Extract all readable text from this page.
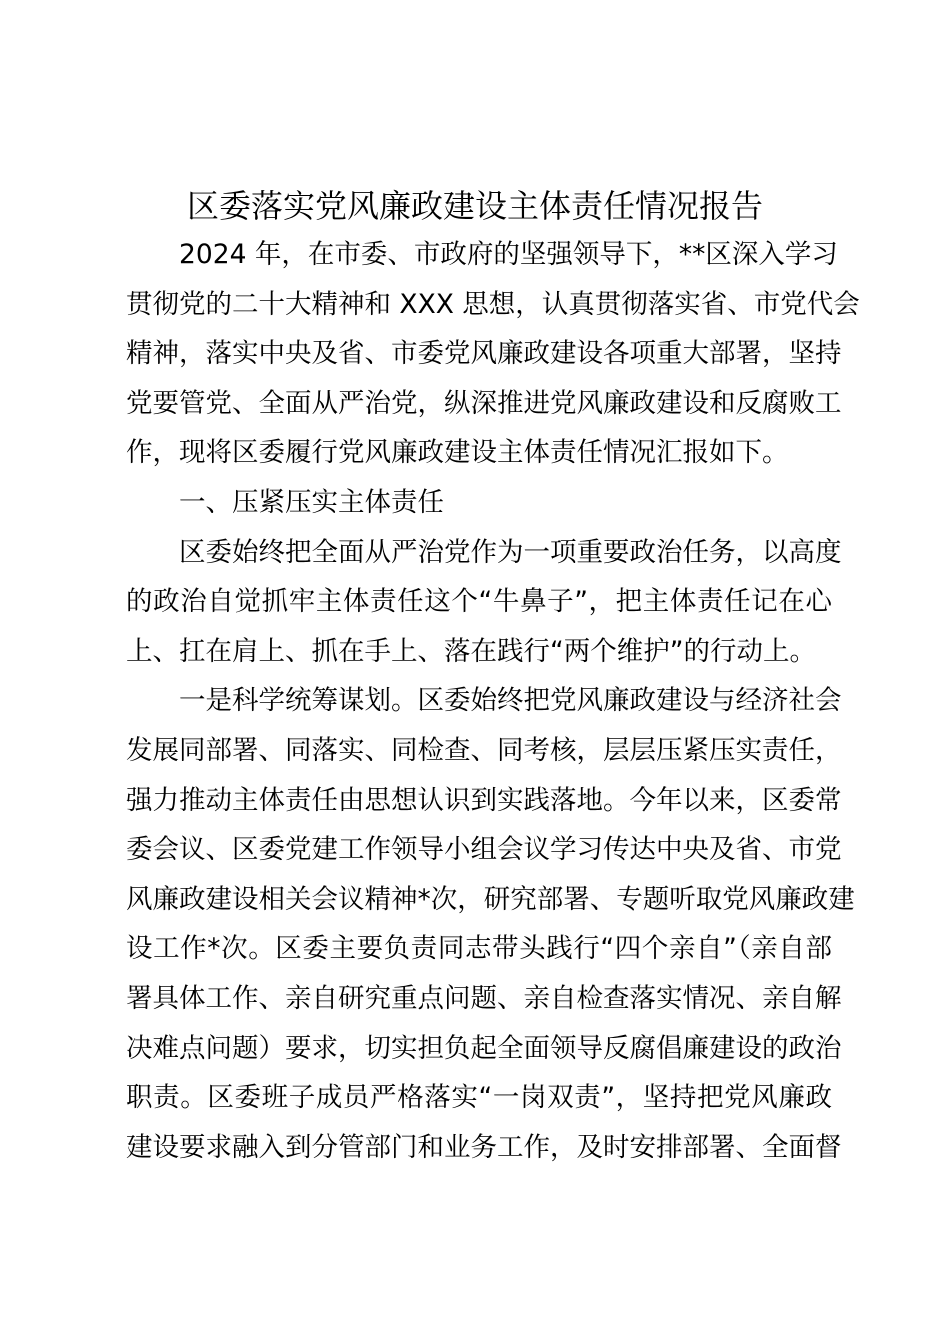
区委落实党风廉政建设主体责任情况报告
2024 年，在市委、市政府的坚强领导下，**区深入学习
贯彻党的二十大精神和 XXX 思想，认真贯彻落实省、市党代会
精神，落实中央及省、市委党风廉政建设各项重大部署，坚持
党要管党、全面从严治党，纵深推进党风廉政建设和反腐败工
作，现将区委履行党风廉政建设主体责任情况汇报如下。
一、压紧压实主体责任
区委始终把全面从严治党作为一项重要政治任务，以高度
的政治自觉抓牢主体责任这个“牛鼻子”，把主体责任记在心
上、扛在肩上、抓在手上、落在践行“两个维护”的行动上。
一是科学统筹谋划。区委始终把党风廉政建设与经济社会
发展同部署、同落实、同检查、同考核，层层压紧压实责任，
强力推动主体责任由思想认识到实践落地。今年以来，区委常
委会议、区委党建工作领导小组会议学习传达中央及省、市党
风廉政建设相关会议精神*次，研究部署、专题听取党风廉政建
设工作*次。区委主要负责同志带头践行“四个亲自”（亲自部
署具体工作、亲自研究重点问题、亲自检查落实情况、亲自解
决难点问题）要求，切实担负起全面领导反腐倡廉建设的政治
职责。区委班子成员严格落实“一岗双责”，坚持把党风廉政
建设要求融入到分管部门和业务工作，及时安排部署、全面督
